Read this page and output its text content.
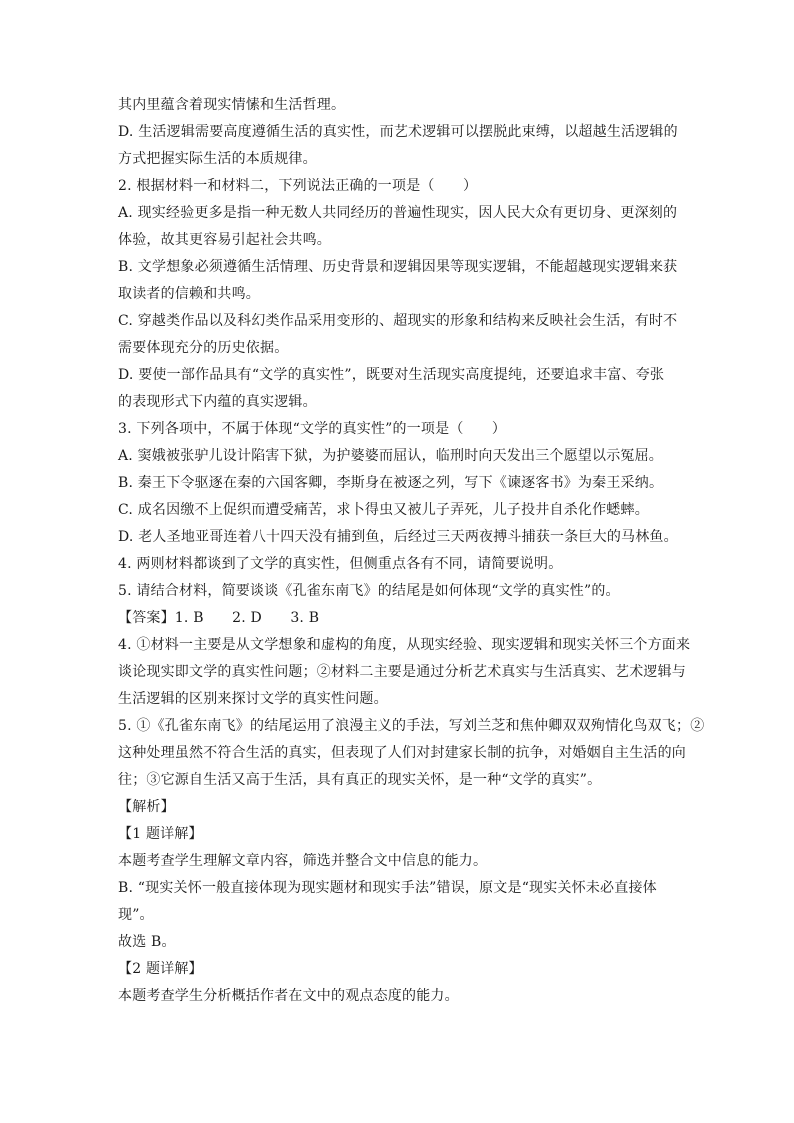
其内里蕴含着现实情愫和生活哲理。
D. 生活逻辑需要高度遵循生活的真实性，而艺术逻辑可以摆脱此束缚，以超越生活逻辑的
方式把握实际生活的本质规律。
2. 根据材料一和材料二，下列说法正确的一项是（　　）
A. 现实经验更多是指一种无数人共同经历的普遍性现实，因人民大众有更切身、更深刻的
体验，故其更容易引起社会共鸣。
B. 文学想象必须遵循生活情理、历史背景和逻辑因果等现实逻辑，不能超越现实逻辑来获
取读者的信赖和共鸣。
C. 穿越类作品以及科幻类作品采用变形的、超现实的形象和结构来反映社会生活，有时不
需要体现充分的历史依据。
D. 要使一部作品具有“文学的真实性”，既要对生活现实高度提纯，还要追求丰富、夸张
的表现形式下内蕴的真实逻辑。
3. 下列各项中，不属于体现“文学的真实性”的一项是（　　）
A. 窦娥被张驴儿设计陷害下狱，为护婆婆而屈认，临刑时向天发出三个愿望以示冤屈。
B. 秦王下令驱逐在秦的六国客卿，李斯身在被逐之列，写下《谏逐客书》为秦王采纳。
C. 成名因缴不上促织而遭受痛苦，求卜得虫又被儿子弄死，儿子投井自杀化作蟋蟀。
D. 老人圣地亚哥连着八十四天没有捕到鱼，后经过三天两夜搏斗捕获一条巨大的马林鱼。
4. 两则材料都谈到了文学的真实性，但侧重点各有不同，请简要说明。
5. 请结合材料，简要谈谈《孔雀东南飞》的结尾是如何体现“文学的真实性”的。
【答案】1. B　　2. D　　3. B
4. ①材料一主要是从文学想象和虚构的角度，从现实经验、现实逻辑和现实关怀三个方面来
谈论现实即文学的真实性问题；②材料二主要是通过分析艺术真实与生活真实、艺术逻辑与
生活逻辑的区别来探讨文学的真实性问题。
5. ①《孔雀东南飞》的结尾运用了浪漫主义的手法，写刘兰芝和焦仲卿双双殉情化鸟双飞；②
这种处理虽然不符合生活的真实，但表现了人们对封建家长制的抗争，对婚姻自主生活的向
往；③它源自生活又高于生活，具有真正的现实关怀，是一种“文学的真实”。
【解析】
【1 题详解】
本题考查学生理解文章内容，筛选并整合文中信息的能力。
B. “现实关怀一般直接体现为现实题材和现实手法”错误，原文是“现实关怀未必直接体
现”。
故选 B。
【2 题详解】
本题考查学生分析概括作者在文中的观点态度的能力。
